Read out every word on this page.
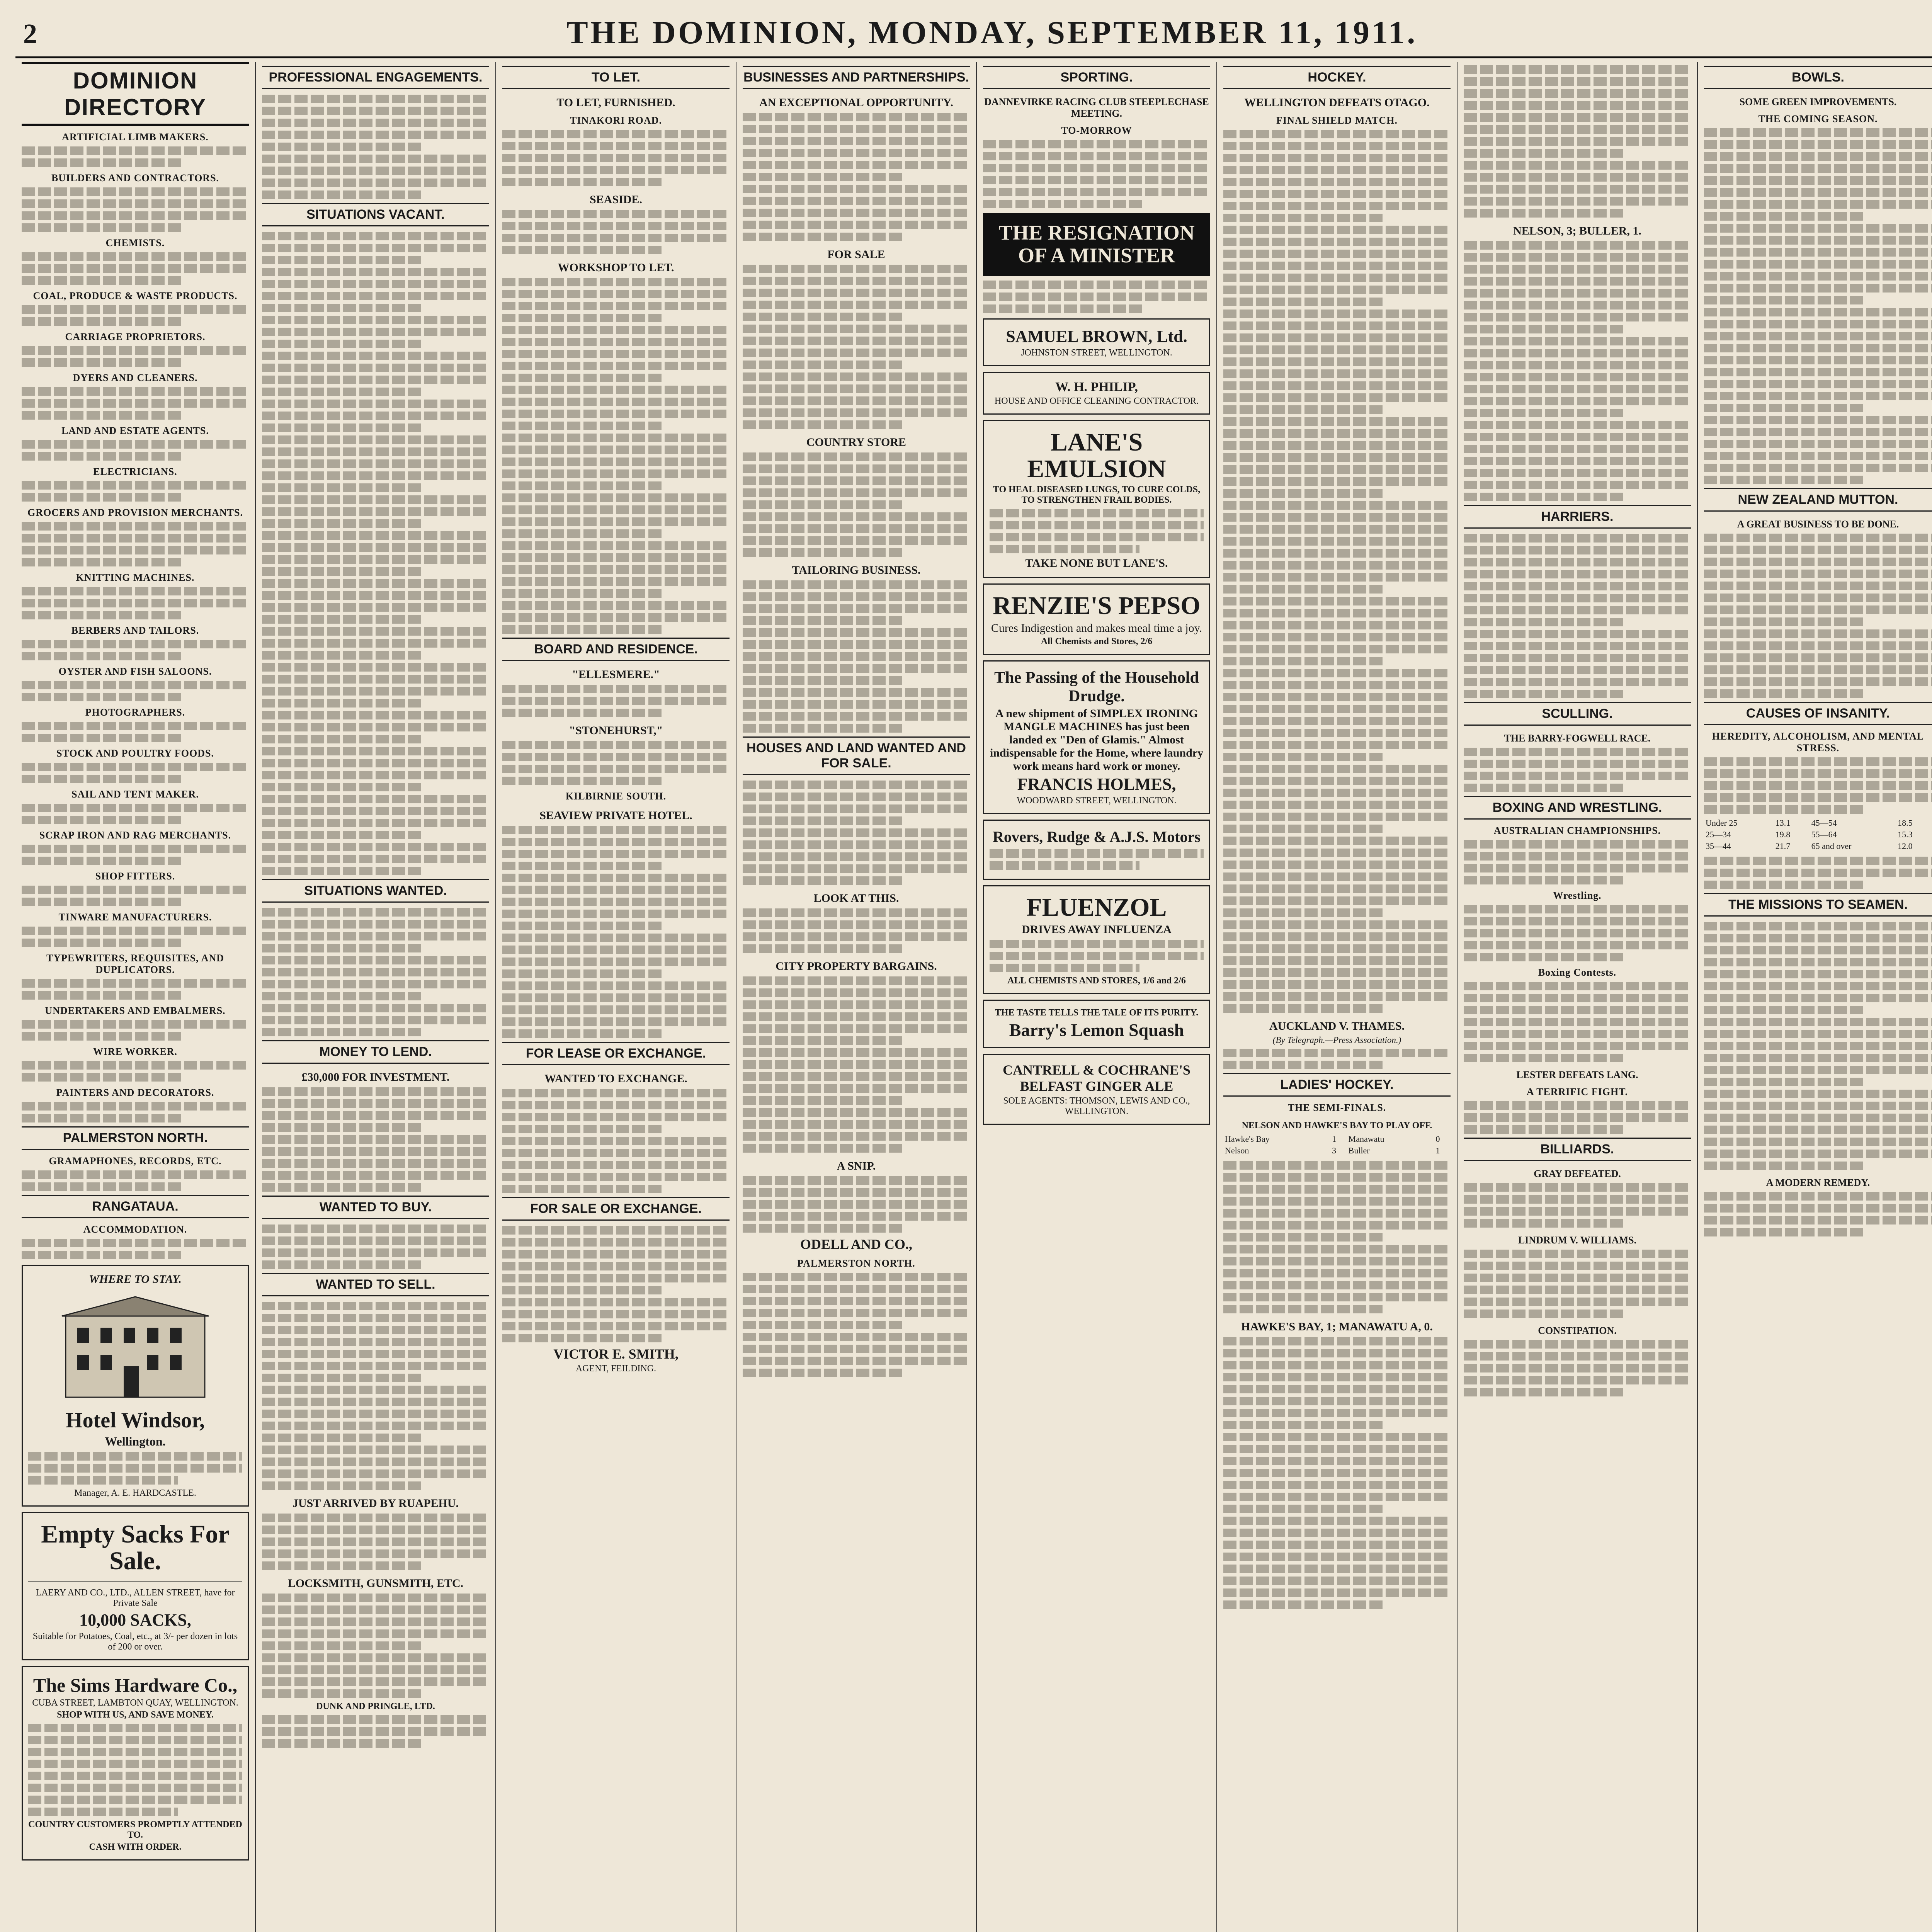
2	THE DOMINION, MONDAY, SEPTEMBER 11, 1911.
DOMINION DIRECTORY
ARTIFICIAL LIMB MAKERS.
BUILDERS AND CONTRACTORS.
CHEMISTS.
COAL, PRODUCE & WASTE PRODUCTS.
CARRIAGE PROPRIETORS.
DYERS AND CLEANERS.
LAND AND ESTATE AGENTS.
ELECTRICIANS.
GROCERS AND PROVISION MERCHANTS.
KNITTING MACHINES.
BERBERS AND TAILORS.
OYSTER AND FISH SALOONS.
PHOTOGRAPHERS.
STOCK AND POULTRY FOODS.
SAIL AND TENT MAKER.
SCRAP IRON AND RAG MERCHANTS.
SHOP FITTERS.
TINWARE MANUFACTURERS.
TYPEWRITERS, REQUISITES, AND DUPLICATORS.
UNDERTAKERS AND EMBALMERS.
WIRE WORKER.
PAINTERS AND DECORATORS.
PALMERSTON NORTH.
GRAMAPHONES, RECORDS, ETC.
RANGATAUA.
ACCOMMODATION.
WHERE TO STAY.
Hotel Windsor,
Wellington.
Manager, A. E. HARDCASTLE.
Empty Sacks For Sale.
LAERY AND CO., LTD., ALLEN STREET, have for Private Sale
10,000 SACKS,
Suitable for Potatoes, Coal, etc., at 3/- per dozen in lots of 200 or over.
The Sims Hardware Co.,
CUBA STREET, LAMBTON QUAY, WELLINGTON.
SHOP WITH US, AND SAVE MONEY.
COUNTRY CUSTOMERS PROMPTLY ATTENDED TO.
CASH WITH ORDER.
PROFESSIONAL ENGAGEMENTS.
SITUATIONS VACANT.
SITUATIONS WANTED.
MONEY TO LEND.
£30,000 FOR INVESTMENT.
WANTED TO BUY.
WANTED TO SELL.
JUST ARRIVED BY RUAPEHU.
LOCKSMITH, GUNSMITH, ETC.
DUNK AND PRINGLE, LTD.
TO LET.
TO LET, FURNISHED.
TINAKORI ROAD.
SEASIDE.
WORKSHOP TO LET.
BOARD AND RESIDENCE.
"ELLESMERE."
"STONEHURST,"
KILBIRNIE SOUTH.
SEAVIEW PRIVATE HOTEL.
FOR LEASE OR EXCHANGE.
WANTED TO EXCHANGE.
FOR SALE OR EXCHANGE.
VICTOR E. SMITH,
AGENT, FEILDING.
BUSINESSES AND PARTNERSHIPS.
AN EXCEPTIONAL OPPORTUNITY.
FOR SALE
COUNTRY STORE
TAILORING BUSINESS.
HOUSES AND LAND WANTED AND FOR SALE.
LOOK AT THIS.
CITY PROPERTY BARGAINS.
A SNIP.
ODELL AND CO.,
PALMERSTON NORTH.
SPORTING.
DANNEVIRKE RACING CLUB STEEPLECHASE MEETING.
TO-MORROW
THE RESIGNATION OF A MINISTER
SAMUEL BROWN, Ltd.
JOHNSTON STREET, WELLINGTON.
W. H. PHILIP,
HOUSE AND OFFICE CLEANING CONTRACTOR.
LANE'S EMULSION
TO HEAL DISEASED LUNGS, TO CURE COLDS, TO STRENGTHEN FRAIL BODIES.
TAKE NONE BUT LANE'S.
RENZIE'S PEPSO
Cures Indigestion and makes meal time a joy.
All Chemists and Stores, 2/6
The Passing of the Household Drudge.
A new shipment of SIMPLEX IRONING MANGLE MACHINES has just been landed ex "Den of Glamis." Almost indispensable for the Home, where laundry work means hard work or money.
FRANCIS HOLMES,
WOODWARD STREET, WELLINGTON.
Rovers, Rudge & A.J.S. Motors
FLUENZOL
DRIVES AWAY INFLUENZA
ALL CHEMISTS AND STORES, 1/6 and 2/6
THE TASTE TELLS THE TALE OF ITS PURITY.
Barry's Lemon Squash
CANTRELL & COCHRANE'S BELFAST GINGER ALE
SOLE AGENTS: THOMSON, LEWIS AND CO., WELLINGTON.
HOCKEY.
WELLINGTON DEFEATS OTAGO.
FINAL SHIELD MATCH.
AUCKLAND V. THAMES.
(By Telegraph.—Press Association.)
LADIES' HOCKEY.
THE SEMI-FINALS.
NELSON AND HAWKE'S BAY TO PLAY OFF.
Hawke's Bay	1	Manawatu	0
Nelson	3	Buller	1
HAWKE'S BAY, 1; MANAWATU A, 0.
NELSON, 3; BULLER, 1.
HARRIERS.
SCULLING.
THE BARRY-FOGWELL RACE.
BOXING AND WRESTLING.
AUSTRALIAN CHAMPIONSHIPS.
Wrestling.
Boxing Contests.
LESTER DEFEATS LANG.
A TERRIFIC FIGHT.
BILLIARDS.
GRAY DEFEATED.
LINDRUM V. WILLIAMS.
CONSTIPATION.
BOWLS.
SOME GREEN IMPROVEMENTS.
THE COMING SEASON.
NEW ZEALAND MUTTON.
A GREAT BUSINESS TO BE DONE.
CAUSES OF INSANITY.
HEREDITY, ALCOHOLISM, AND MENTAL STRESS.
Under 25	13.1	45—54	18.5
25—34	19.8	55—64	15.3
35—44	21.7	65 and over	12.0
THE MISSIONS TO SEAMEN.
A MODERN REMEDY.
